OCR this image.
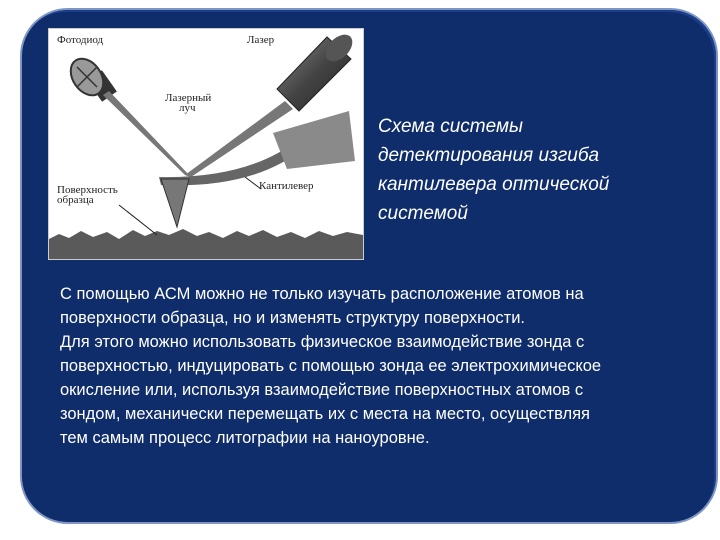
Фотодиод	Лазер
Лазерный
луч
Поверхность
образца
Кантилевер
Схема системы
детектирования изгиба
кантилевера оптической
системой
С помощью АСМ можно не только изучать расположение атомов на
поверхности образца, но и изменять структуру поверхности.
Для этого можно использовать физическое взаимодействие зонда с
поверхностью, индуцировать с помощью зонда ее электрохимическое
окисление или, используя взаимодействие поверхностных атомов с
зондом, механически перемещать их с места на место, осуществляя
тем самым процесс литографии на наноуровне.
